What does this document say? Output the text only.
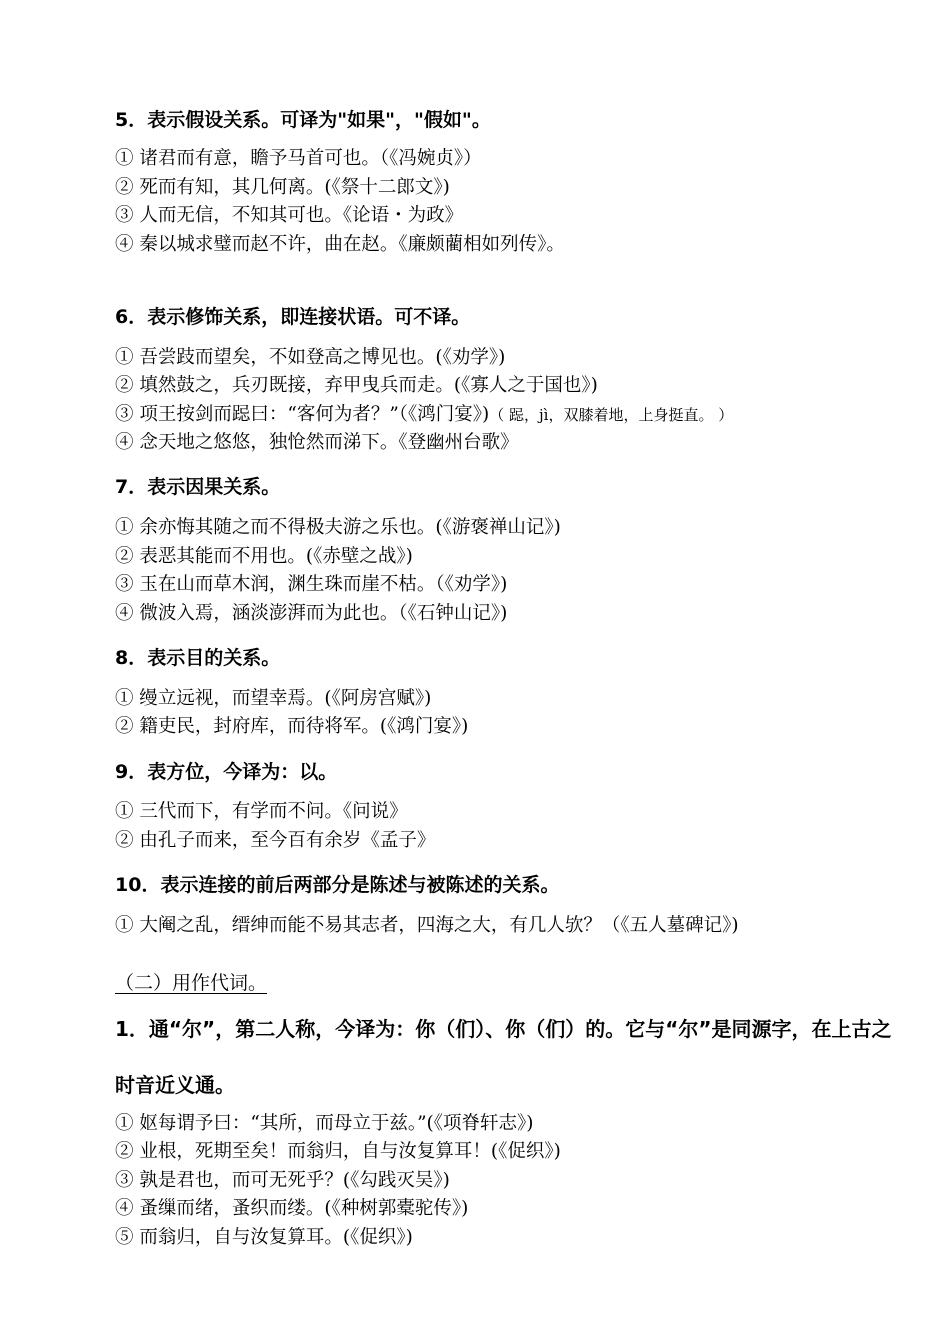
5．表示假设关系。可译为"如果"，"假如"。
① 诸君而有意，瞻予马首可也。（《冯婉贞》）
② 死而有知，其几何离。(《祭十二郎文》)
③ 人而无信，不知其可也。《论语・为政》
④ 秦以城求璧而赵不许，曲在赵。《廉颇藺相如列传》。
6．表示修饰关系，即连接状语。可不译。
① 吾尝跂而望矣，不如登高之博见也。(《劝学》)
② 填然鼓之，兵刃既接，弃甲曳兵而走。(《寡人之于国也》)
③ 项王按剑而跽曰：“客何为者？”（《鸿门宴》)（ 跽，jì，双膝着地，上身挺直。 ）
④ 念天地之悠悠，独怆然而涕下。《登幽州台歌》
7．表示因果关系。
① 余亦悔其随之而不得极夫游之乐也。(《游褒禅山记》)
② 表恶其能而不用也。(《赤壁之战》)
③ 玉在山而草木润，渊生珠而崖不枯。（《劝学》)
④ 微波入焉，涵淡澎湃而为此也。（《石钟山记》)
8．表示目的关系。
① 缦立远视，而望幸焉。(《阿房宫赋》)
② 籍吏民，封府库，而待将军。(《鸿门宴》)
9．表方位，今译为：以。
① 三代而下，有学而不问。《问说》
② 由孔子而来，至今百有余岁《孟子》
10．表示连接的前后两部分是陈述与被陈述的关系。
① 大阉之乱，缙绅而能不易其志者，四海之大，有几人欤？（《五人墓碑记》)
（二）用作代词。
1．通“尔”，第二人称，今译为：你（们）、你（们）的。它与“尔”是同源字，在上古之
时音近义通。
① 妪每谓予曰：“其所，而母立于兹。”(《项脊轩志》)
② 业根，死期至矣！而翁归，自与汝复算耳！(《促织》)
③ 孰是君也，而可无死乎？(《勾践灭吴》)
④ 蚤缫而绪，蚤织而缕。(《种树郭橐驼传》)
⑤ 而翁归，自与汝复算耳。(《促织》)
